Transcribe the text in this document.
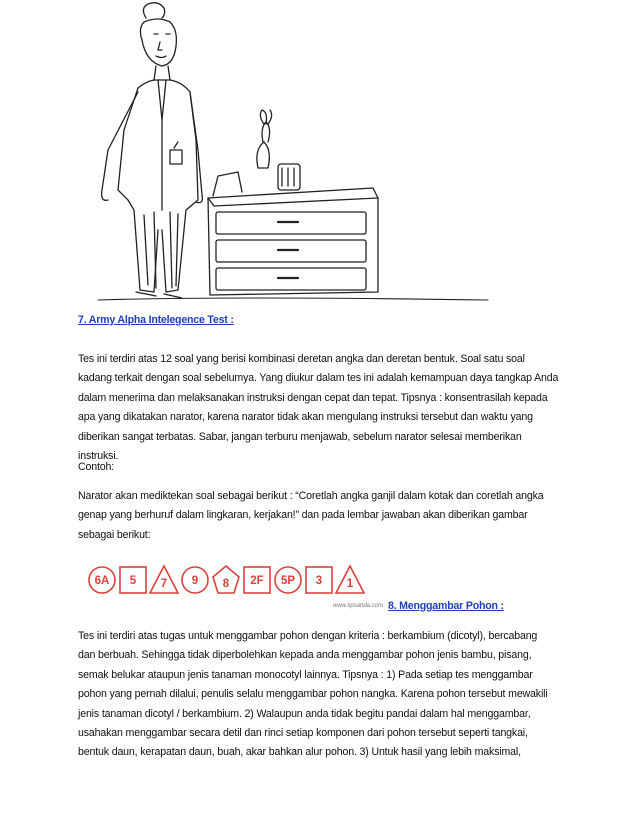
7. Army Alpha Intelegence Test :

Tes ini terdiri atas 12 soal yang berisi kombinasi deretan angka dan deretan bentuk. Soal satu soal

kadang terkait dengan soal sebelumya. Yang diukur dalam tes ini adalah kemampuan daya tangkap Anda

dalam menerima dan melaksanakan instruksi dengan cepat dan tepat. Tipsnya : konsentrasilah kepada

apa yang dikatakan narator, karena narator tidak akan mengulang instruksi tersebut dan waktu yang

diberikan sangat terbatas. Sabar, jangan terburu menjawab, sebelum narator selesai memberikan

instruksi.

Contoh:

Narator akan mediktekan soal sebagai berikut : “Coretlah angka ganjil dalam kotak dan coretlah angka

genap yang berhuruf dalam lingkaran, kerjakan!” dan pada lembar jawaban akan diberikan gambar

sebagai berikut:

6A 5 7 9 8 2F 5P 3 1
www.tipsanda.com 8. Menggambar Pohon :

Tes ini terdiri atas tugas untuk menggambar pohon dengan kriteria : berkambium (dicotyl), bercabang

dan berbuah. Sehingga tidak diperbolehkan kepada anda menggambar pohon jenis bambu, pisang,

semak belukar ataupun jenis tanaman monocotyl lainnya. Tipsnya : 1) Pada setiap tes menggambar

pohon yang pernah dilalui, penulis selalu menggambar pohon nangka. Karena pohon tersebut mewakili

jenis tanaman dicotyl / berkambium. 2) Walaupun anda tidak begitu pandai dalam hal menggambar,

usahakan menggambar secara detil dan rinci setiap komponen dari pohon tersebut seperti tangkai,

bentuk daun, kerapatan daun, buah, akar bahkan alur pohon. 3) Untuk hasil yang lebih maksimal,
